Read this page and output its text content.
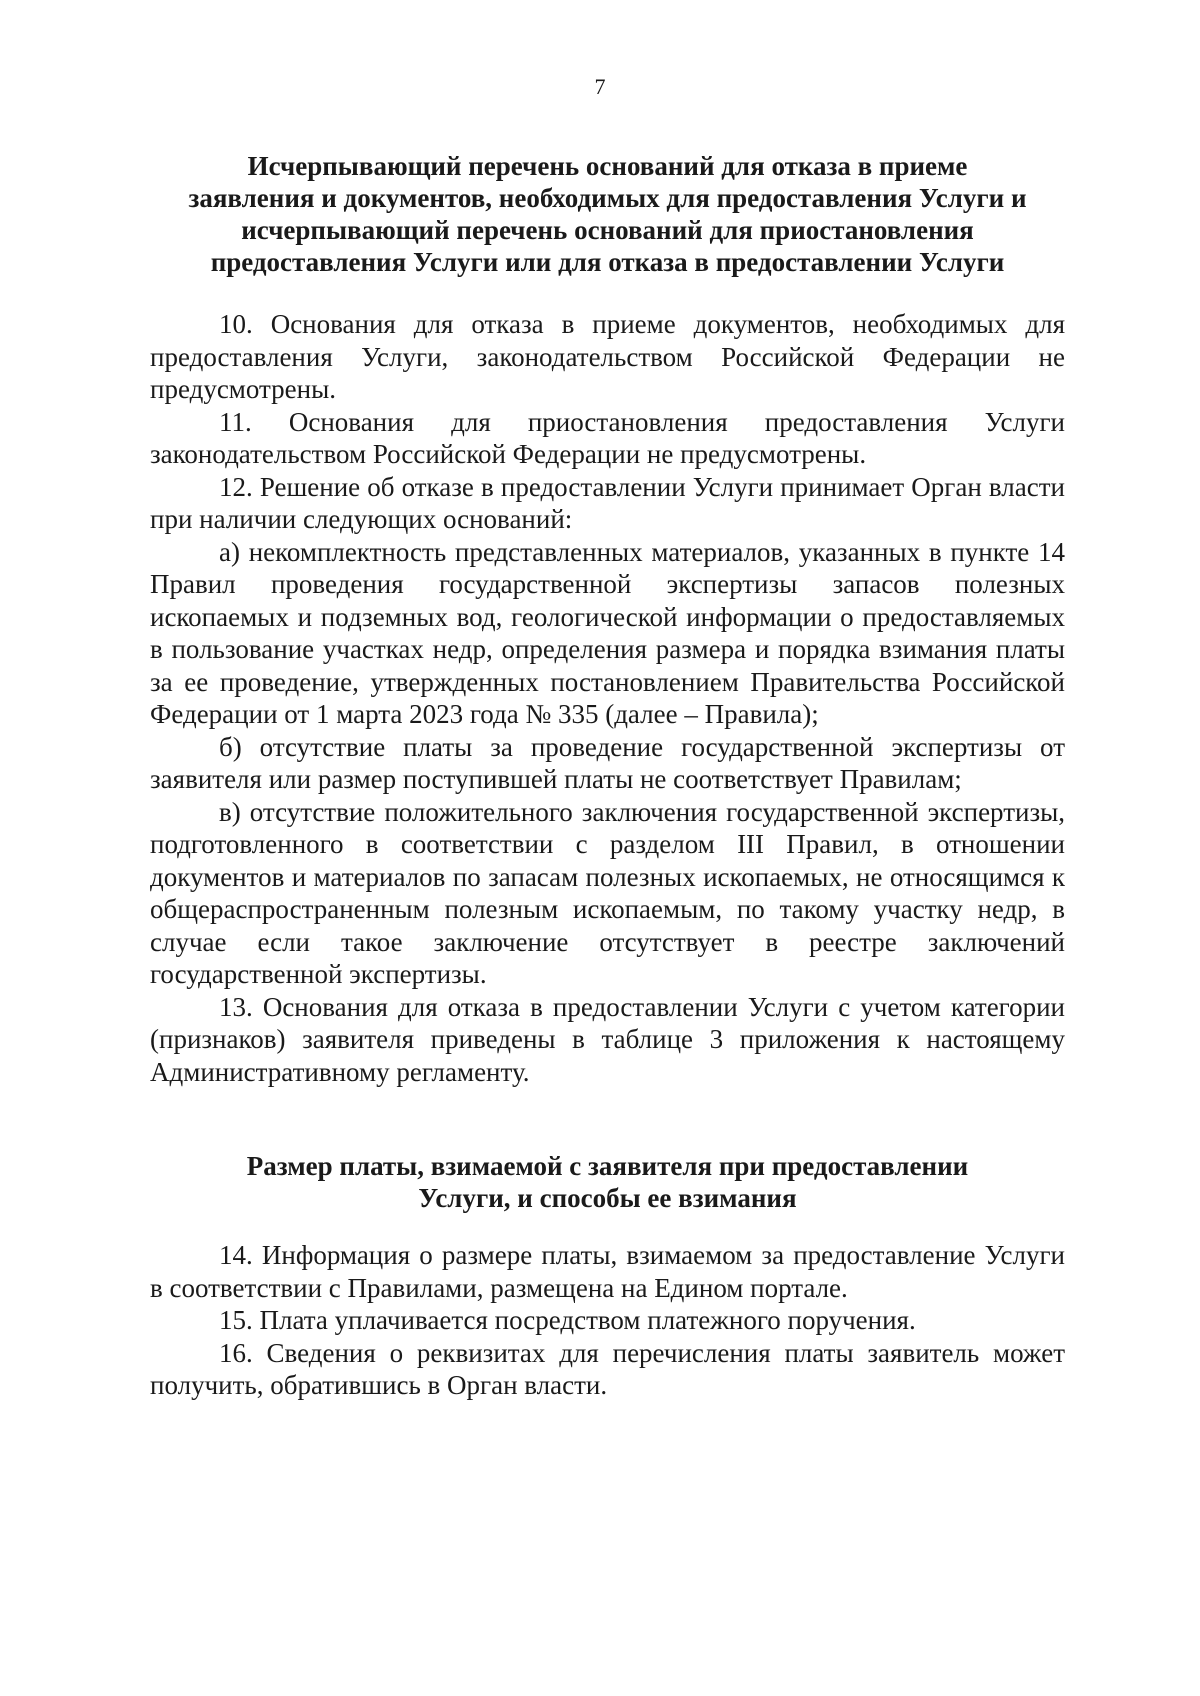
7
Исчерпывающий перечень оснований для отказа в приеме
заявления и документов, необходимых для предоставления Услуги и
исчерпывающий перечень оснований для приостановления
предоставления Услуги или для отказа в предоставлении Услуги

10. Основания для отказа в приеме документов, необходимых для предоставления Услуги, законодательством Российской Федерации не предусмотрены.

11. Основания для приостановления предоставления Услуги законодательством Российской Федерации не предусмотрены.

12. Решение об отказе в предоставлении Услуги принимает Орган власти при наличии следующих оснований:

а) некомплектность представленных материалов, указанных в пункте 14 Правил проведения государственной экспертизы запасов полезных ископаемых и подземных вод, геологической информации о предоставляемых в пользование участках недр, определения размера и порядка взимания платы за ее проведение, утвержденных постановлением Правительства Российской Федерации от 1 марта 2023 года № 335 (далее – Правила);

б) отсутствие платы за проведение государственной экспертизы от заявителя или размер поступившей платы не соответствует Правилам;

в) отсутствие положительного заключения государственной экспертизы, подготовленного в соответствии с разделом III Правил, в отношении документов и материалов по запасам полезных ископаемых, не относящимся к общераспространенным полезным ископаемым, по такому участку недр, в случае если такое заключение отсутствует в реестре заключений государственной экспертизы.

13. Основания для отказа в предоставлении Услуги с учетом категории (признаков) заявителя приведены в таблице 3 приложения к настоящему Административному регламенту.

Размер платы, взимаемой с заявителя при предоставлении
Услуги, и способы ее взимания

14. Информация о размере платы, взимаемом за предоставление Услуги в соответствии с Правилами, размещена на Едином портале.

15. Плата уплачивается посредством платежного поручения.

16. Сведения о реквизитах для перечисления платы заявитель может получить, обратившись в Орган власти.
